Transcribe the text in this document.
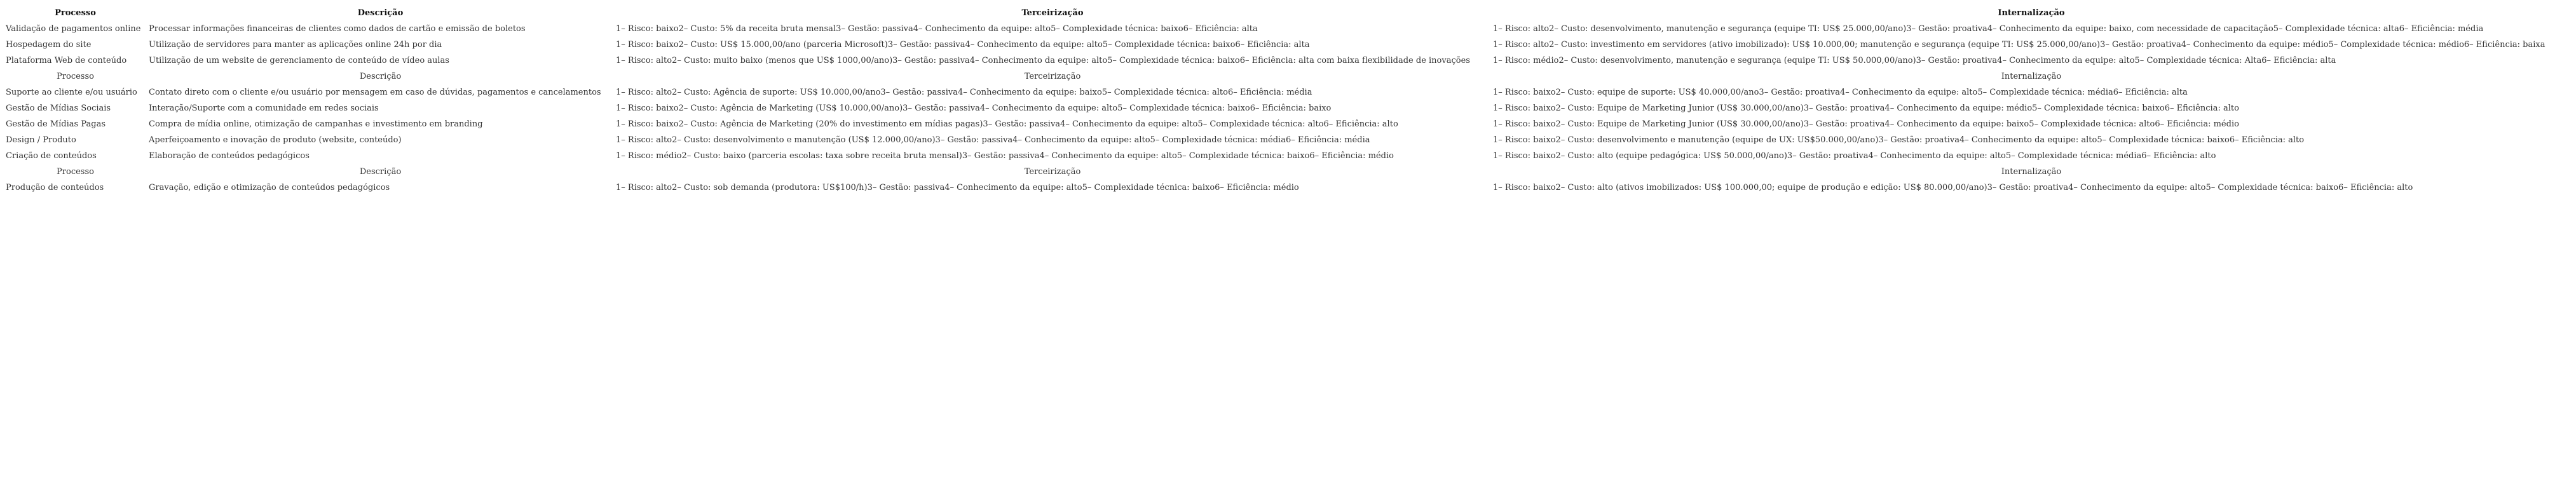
Processo	Descrição	Terceirização	Internalização
Validação de pagamentos online	Processar informações financeiras de clientes como dados de cartão e emissão de boletos	1– Risco: baixo2– Custo: 5% da receita bruta mensal3– Gestão: passiva4– Conhecimento da equipe: alto5– Complexidade técnica: baixo6– Eficiência: alta	1– Risco: alto2– Custo: desenvolvimento, manutenção e segurança (equipe TI: US$ 25.000,00/ano)3– Gestão: proativa4– Conhecimento da equipe: baixo, com necessidade de capacitação5– Complexidade técnica: alta6– Eficiência: média
Hospedagem do site	Utilização de servidores para manter as aplicações online 24h por dia	1– Risco: baixo2– Custo: US$ 15.000,00/ano (parceria Microsoft)3– Gestão: passiva4– Conhecimento da equipe: alto5– Complexidade técnica: baixo6– Eficiência: alta	1– Risco: alto2– Custo: investimento em servidores (ativo imobilizado): US$ 10.000,00; manutenção e segurança (equipe TI: US$ 25.000,00/ano)3– Gestão: proativa4– Conhecimento da equipe: médio5– Complexidade técnica: médio6– Eficiência: baixa
Plataforma Web de conteúdo	Utilização de um website de gerenciamento de conteúdo de vídeo aulas	1– Risco: alto2– Custo: muito baixo (menos que US$ 1000,00/ano)3– Gestão: passiva4– Conhecimento da equipe: alto5– Complexidade técnica: baixo6– Eficiência: alta com baixa flexibilidade de inovações	1– Risco: médio2– Custo: desenvolvimento, manutenção e segurança (equipe TI: US$ 50.000,00/ano)3– Gestão: proativa4– Conhecimento da equipe: alto5– Complexidade técnica: Alta6– Eficiência: alta
Processo	Descrição	Terceirização	Internalização
Suporte ao cliente e/ou usuário	Contato direto com o cliente e/ou usuário por mensagem em caso de dúvidas, pagamentos e cancelamentos	1– Risco: alto2– Custo: Agência de suporte: US$ 10.000,00/ano3– Gestão: passiva4– Conhecimento da equipe: baixo5– Complexidade técnica: alto6– Eficiência: média	1– Risco: baixo2– Custo: equipe de suporte: US$ 40.000,00/ano3– Gestão: proativa4– Conhecimento da equipe: alto5– Complexidade técnica: média6– Eficiência: alta
Gestão de Mídias Sociais	Interação/Suporte com a comunidade em redes sociais	1– Risco: baixo2– Custo: Agência de Marketing (US$ 10.000,00/ano)3– Gestão: passiva4– Conhecimento da equipe: alto5– Complexidade técnica: baixo6– Eficiência: baixo	1– Risco: baixo2– Custo: Equipe de Marketing Junior (US$ 30.000,00/ano)3– Gestão: proativa4– Conhecimento da equipe: médio5– Complexidade técnica: baixo6– Eficiência: alto
Gestão de Mídias Pagas	Compra de mídia online, otimização de campanhas e investimento em branding	1– Risco: baixo2– Custo: Agência de Marketing (20% do investimento em mídias pagas)3– Gestão: passiva4– Conhecimento da equipe: alto5– Complexidade técnica: alto6– Eficiência: alto	1– Risco: baixo2– Custo: Equipe de Marketing Junior (US$ 30.000,00/ano)3– Gestão: proativa4– Conhecimento da equipe: baixo5– Complexidade técnica: alto6– Eficiência: médio
Design / Produto	Aperfeiçoamento e inovação de produto (website, conteúdo)	1– Risco: alto2– Custo: desenvolvimento e manutenção (US$ 12.000,00/ano)3– Gestão: passiva4– Conhecimento da equipe: alto5– Complexidade técnica: média6– Eficiência: média	1– Risco: baixo2– Custo: desenvolvimento e manutenção (equipe de UX: US$50.000,00/ano)3– Gestão: proativa4– Conhecimento da equipe: alto5– Complexidade técnica: baixo6– Eficiência: alto
Criação de conteúdos	Elaboração de conteúdos pedagógicos	1– Risco: médio2– Custo: baixo (parceria escolas: taxa sobre receita bruta mensal)3– Gestão: passiva4– Conhecimento da equipe: alto5– Complexidade técnica: baixo6– Eficiência: médio	1– Risco: baixo2– Custo: alto (equipe pedagógica: US$ 50.000,00/ano)3– Gestão: proativa4– Conhecimento da equipe: alto5– Complexidade técnica: média6– Eficiência: alto
Processo	Descrição	Terceirização	Internalização
Produção de conteúdos	Gravação, edição e otimização de conteúdos pedagógicos	1– Risco: alto2– Custo: sob demanda (produtora: US$100/h)3– Gestão: passiva4– Conhecimento da equipe: alto5– Complexidade técnica: baixo6– Eficiência: médio	1– Risco: baixo2– Custo: alto (ativos imobilizados: US$ 100.000,00; equipe de produção e edição: US$ 80.000,00/ano)3– Gestão: proativa4– Conhecimento da equipe: alto5– Complexidade técnica: baixo6– Eficiência: alto
